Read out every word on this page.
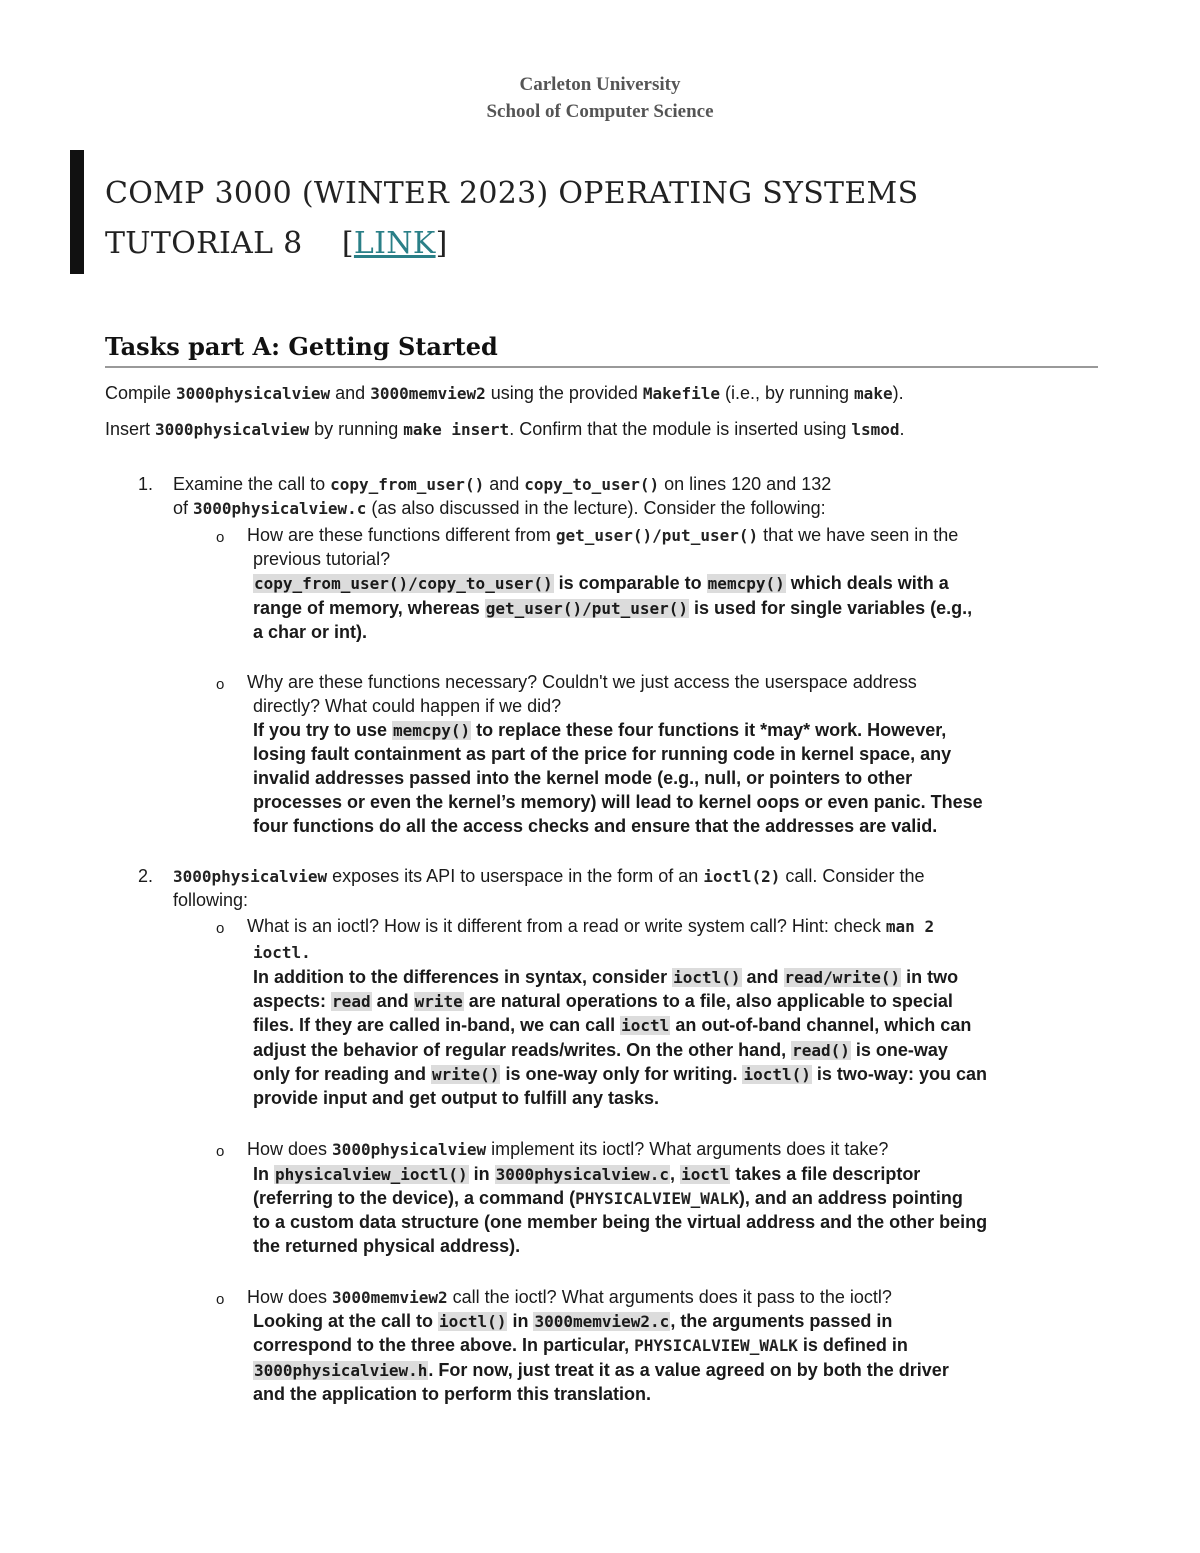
Carleton University
School of Computer Science
COMP 3000 (WINTER 2023) OPERATING SYSTEMS
TUTORIAL 8 [LINK]
Tasks part A: Getting Started
Compile 3000physicalview and 3000memview2 using the provided Makefile (i.e., by running make).
Insert 3000physicalview by running make insert. Confirm that the module is inserted using lsmod.
1.	Examine the call to copy_from_user() and copy_to_user() on lines 120 and 132
of 3000physicalview.c (as also discussed in the lecture). Consider the following:
o How are these functions different from get_user()/put_user() that we have seen in the
previous tutorial?
copy_from_user()/copy_to_user() is comparable to memcpy() which deals with a
range of memory, whereas get_user()/put_user() is used for single variables (e.g.,
a char or int).
o Why are these functions necessary? Couldn't we just access the userspace address
directly? What could happen if we did?
If you try to use memcpy() to replace these four functions it *may* work. However,
losing fault containment as part of the price for running code in kernel space, any
invalid addresses passed into the kernel mode (e.g., null, or pointers to other
processes or even the kernel’s memory) will lead to kernel oops or even panic. These
four functions do all the access checks and ensure that the addresses are valid.
2.	3000physicalview exposes its API to userspace in the form of an ioctl(2) call. Consider the
following:
o What is an ioctl? How is it different from a read or write system call? Hint: check man 2
ioctl.
In addition to the differences in syntax, consider ioctl() and read/write() in two
aspects: read and write are natural operations to a file, also applicable to special
files. If they are called in-band, we can call ioctl an out-of-band channel, which can
adjust the behavior of regular reads/writes. On the other hand, read() is one-way
only for reading and write() is one-way only for writing. ioctl() is two-way: you can
provide input and get output to fulfill any tasks.
o How does 3000physicalview implement its ioctl? What arguments does it take?
In physicalview_ioctl() in 3000physicalview.c, ioctl takes a file descriptor
(referring to the device), a command (PHYSICALVIEW_WALK), and an address pointing
to a custom data structure (one member being the virtual address and the other being
the returned physical address).
o How does 3000memview2 call the ioctl? What arguments does it pass to the ioctl?
Looking at the call to ioctl() in 3000memview2.c, the arguments passed in
correspond to the three above. In particular, PHYSICALVIEW_WALK is defined in
3000physicalview.h. For now, just treat it as a value agreed on by both the driver
and the application to perform this translation.
